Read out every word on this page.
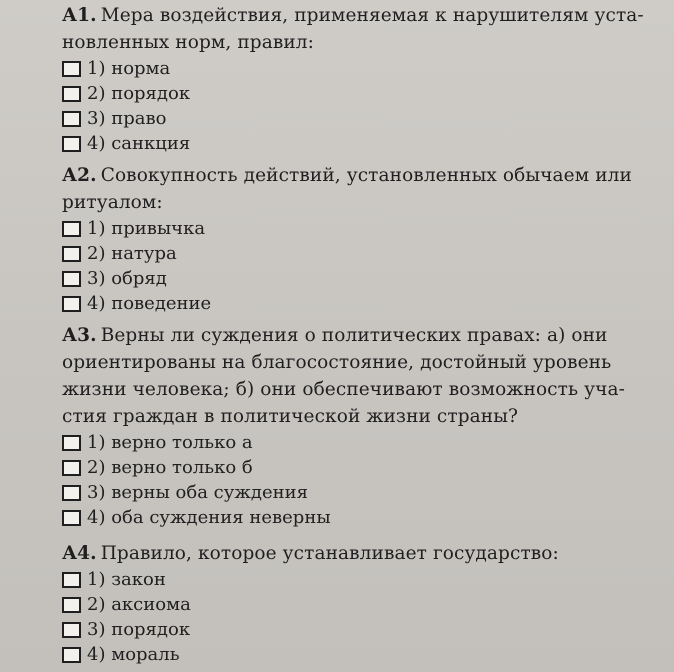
А1. Мера воздействия, применяемая к нарушителям уста-

новленных норм, правил:

1) норма
2) порядок
3) право
4) санкция

А2. Совокупность действий, установленных обычаем или

ритуалом:

1) привычка
2) натура
3) обряд
4) поведение

А3. Верны ли суждения о политических правах: а) они

ориентированы на благосостояние, достойный уровень

жизни человека; б) они обеспечивают возможность уча-

стия граждан в политической жизни страны?

1) верно только а
2) верно только б
3) верны оба суждения
4) оба суждения неверны

А4. Правило, которое устанавливает государство:

1) закон
2) аксиома
3) порядок
4) мораль
